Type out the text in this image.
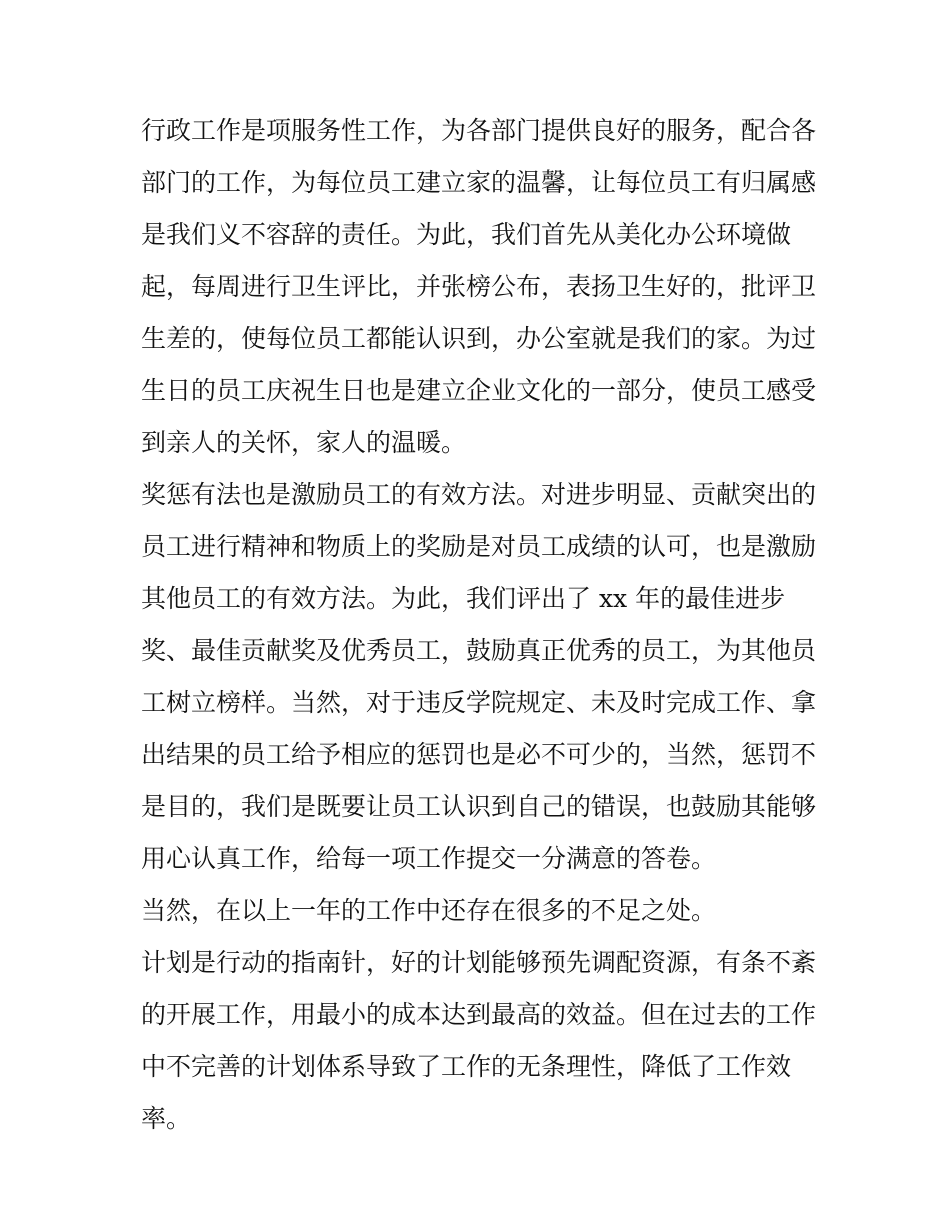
行政工作是项服务性工作，为各部门提供良好的服务，配合各
部门的工作，为每位员工建立家的温馨，让每位员工有归属感
是我们义不容辞的责任。为此，我们首先从美化办公环境做
起，每周进行卫生评比，并张榜公布，表扬卫生好的，批评卫
生差的，使每位员工都能认识到，办公室就是我们的家。为过
生日的员工庆祝生日也是建立企业文化的一部分，使员工感受
到亲人的关怀，家人的温暖。
奖惩有法也是激励员工的有效方法。对进步明显、贡献突出的
员工进行精神和物质上的奖励是对员工成绩的认可，也是激励
其他员工的有效方法。为此，我们评出了 xx 年的最佳进步
奖、最佳贡献奖及优秀员工，鼓励真正优秀的员工，为其他员
工树立榜样。当然，对于违反学院规定、未及时完成工作、拿
出结果的员工给予相应的惩罚也是必不可少的，当然，惩罚不
是目的，我们是既要让员工认识到自己的错误，也鼓励其能够
用心认真工作，给每一项工作提交一分满意的答卷。
当然，在以上一年的工作中还存在很多的不足之处。
计划是行动的指南针，好的计划能够预先调配资源，有条不紊
的开展工作，用最小的成本达到最高的效益。但在过去的工作
中不完善的计划体系导致了工作的无条理性，降低了工作效
率。
